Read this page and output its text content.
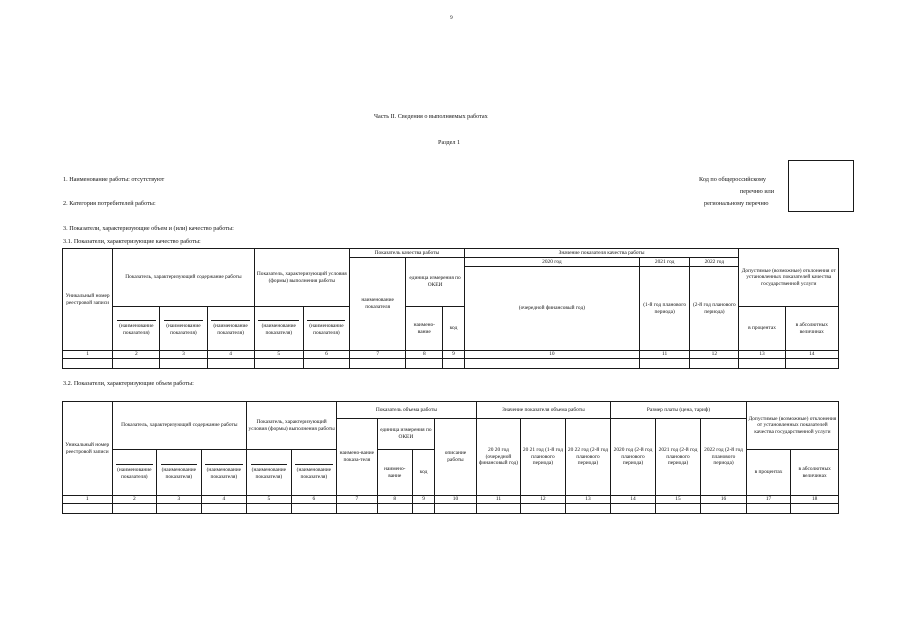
9
Часть II. Сведения о выполняемых работах
Раздел 1
1. Наименование работы: отсутствуют
2. Категория потребителей работы:
Код по общероссийскому
перечню или
региональному перечню
3. Показатели, характеризующие объем и (или) качество работы:
3.1. Показатели, характеризующие качество работы:
Уникальный номер реестровой записи	Показатель, характеризующий содержание работы			Показатель, характеризующий условия (формы) выполнения работы		Показатель качества работы			Значение показателя качества работы			Допустимые (возможные) отклонения от установленных показателей качества государственной услуги	
						наименование показателя	единица измерения по ОКЕИ		2020 год	2021 год	2022 год		
									(очередной финансовый год)	(1-й год планового периода)	(2-й год планового периода)		

(наименование показателя)	(наименование показателя)	(наименование показателя)	(наименование показателя)	(наименование показателя)		наимено-вание	код				в процентах	в абсолютных величинах
1	2	3	4	5	6	7	8	9	10	11	12	13	14

3.2. Показатели, характеризующие объем работы:
Уникальный номер реестровой записи	Показатель, характеризующий содержание работы			Показатель, характеризующий условия (формы) выполнения работы		Показатель объема работы				Значение показателя объема работы			Размер платы (цена, тариф)			Допустимые (возможные) отклонения от установленных показателей качества государственной услуги	
						наимено-вание показа-теля	единица измерения по ОКЕИ		описание работы	20 20 год (очередной финансовый год)	20 21 год (1-й год планового периода)	20 22 год (2-й год планового периода)	2020 год (2-й год планового периода)	2021 год (2-й год планового периода)	2022 год (2-й год планового периода)		

(наименование показателя)	(наименование показателя)	(наименование показателя)	(наименование показателя)	(наименование показателя)		наимено-вание	код								в процентах	в абсолютных величинах
1	2	3	4	5	6	7	8	9	10	11	12	13	14	15	16	17	18
